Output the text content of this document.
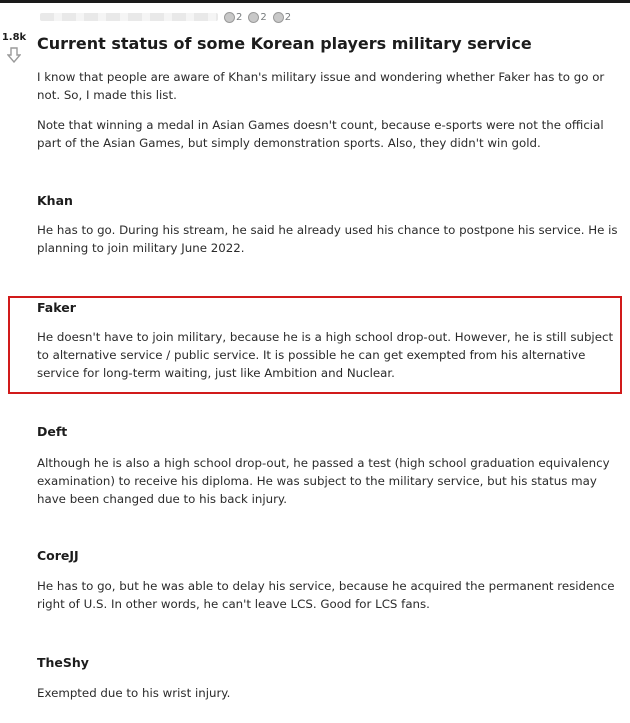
2 2 2
1.8k Current status of some Korean players military service

I know that people are aware of Khan's military issue and wondering whether Faker has to go or not. So, I made this list.

Note that winning a medal in Asian Games doesn't count, because e-sports were not the official part of the Asian Games, but simply demonstration sports. Also, they didn't win gold.

Khan

He has to go. During his stream, he said he already used his chance to postpone his service. He is planning to join military June 2022.

Faker

He doesn't have to join military, because he is a high school drop-out. However, he is still subject to alternative service / public service. It is possible he can get exempted from his alternative service for long-term waiting, just like Ambition and Nuclear.

Deft

Although he is also a high school drop-out, he passed a test (high school graduation equivalency examination) to receive his diploma. He was subject to the military service, but his status may have been changed due to his back injury.

CoreJJ

He has to go, but he was able to delay his service, because he acquired the permanent residence right of U.S. In other words, he can't leave LCS. Good for LCS fans.

TheShy

Exempted due to his wrist injury.
